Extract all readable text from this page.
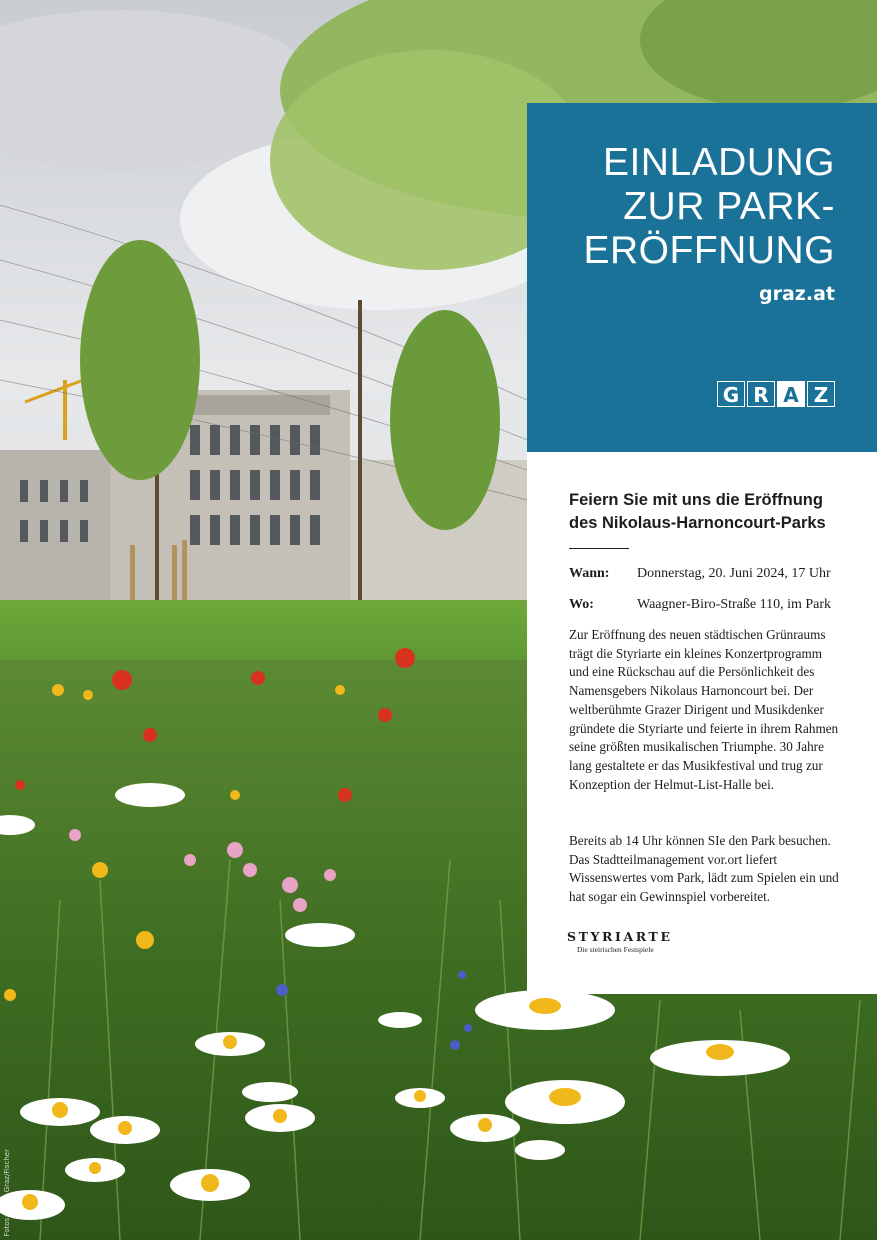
EINLADUNG
ZUR PARK-
ERÖFFNUNG
graz.at
G R A Z
Feiern Sie mit uns die Eröffnung
des Nikolaus-Harnoncourt-Parks
Wann: Donnerstag, 20. Juni 2024, 17 Uhr
Wo:	Waagner-Biro-Straße 110, im Park
Zur Eröffnung des neuen städtischen Grünraums trägt die Styriarte ein kleines Konzertprogramm und eine Rückschau auf die Persönlichkeit des Namensgebers Nikolaus Harnoncourt bei. Der weltberühmte Grazer Dirigent und Musikdenker gründete die Styriarte und feierte in ihrem Rahmen seine größten musikalischen Triumphe. 30 Jahre lang gestaltete er das Musikfestival und trug zur Konzeption der Helmut-List-Halle bei.
Bereits ab 14 Uhr können SIe den Park besuchen. Das Stadtteilmanagement vor.ort liefert Wissenswertes vom Park, lädt zum Spielen ein und hat sogar ein Gewinnspiel vorbereitet.
STYRIARTE
Die steirischen Festspiele
Fotos: Stadt Graz/Fischer
